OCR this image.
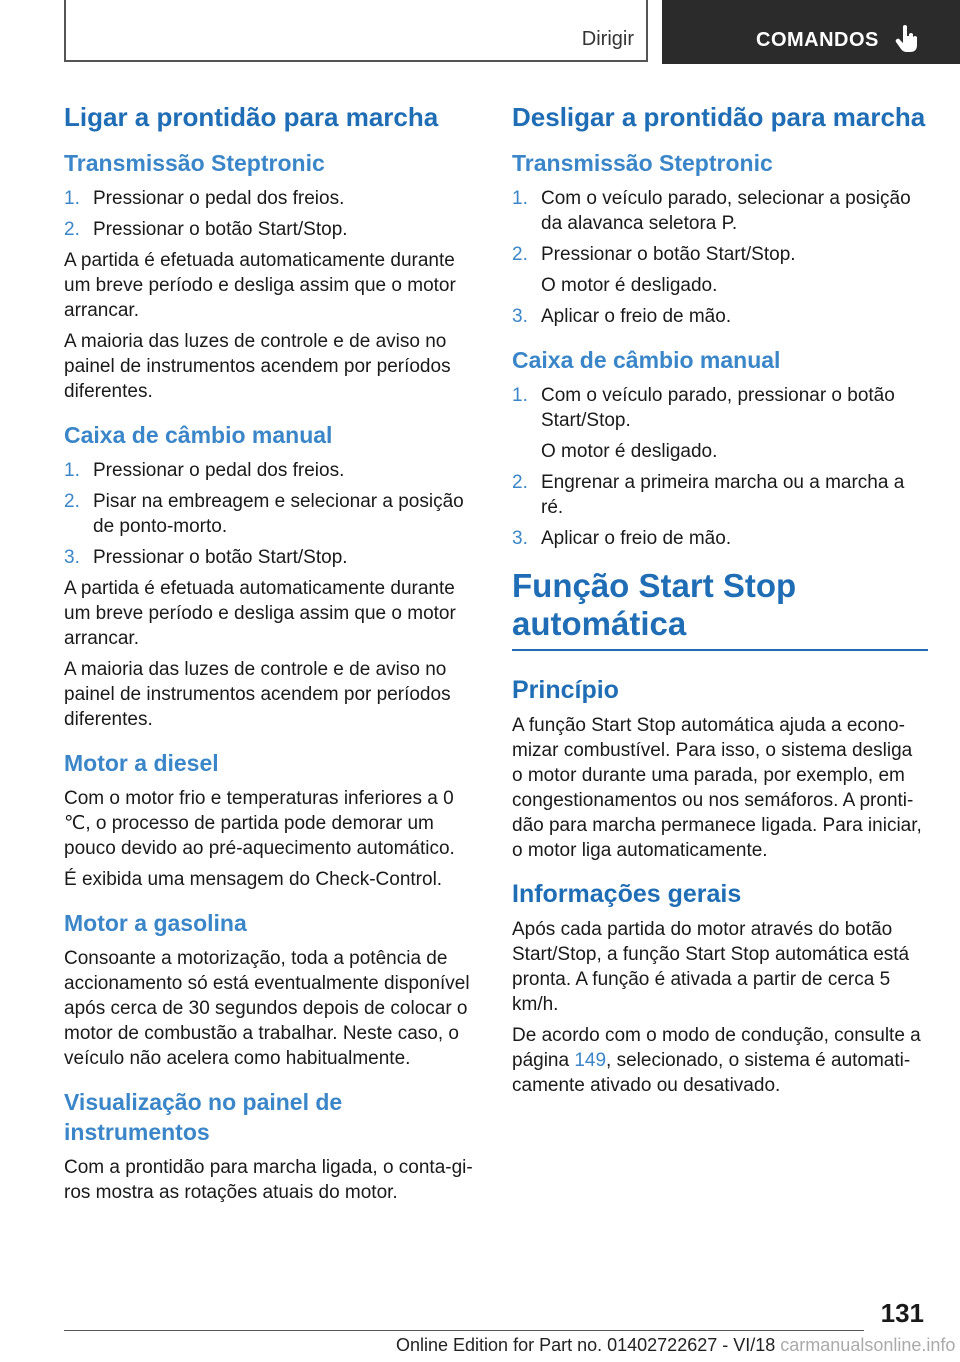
Dirigir	COMANDOS
Ligar a prontidão para marcha
Transmissão Steptronic
1. Pressionar o pedal dos freios.
2. Pressionar o botão Start/Stop.

A partida é efetuada automaticamente durante um breve período e desliga assim que o motor arrancar.

A maioria das luzes de controle e de aviso no painel de instrumentos acendem por períodos diferentes.

Caixa de câmbio manual
1. Pressionar o pedal dos freios.
2. Pisar na embreagem e selecionar a posição de ponto-morto.
3. Pressionar o botão Start/Stop.

A partida é efetuada automaticamente durante um breve período e desliga assim que o motor arrancar.

A maioria das luzes de controle e de aviso no painel de instrumentos acendem por períodos diferentes.

Motor a diesel

Com o motor frio e temperaturas inferiores a 0 ℃, o processo de partida pode demorar um pouco devido ao pré-aquecimento automático.

É exibida uma mensagem do Check-Control.

Motor a gasolina

Consoante a motorização, toda a potência de accionamento só está eventualmente disponível após cerca de 30 segundos depois de colocar o motor de combustão a trabalhar. Neste caso, o veículo não acelera como habitualmente.

Visualização no painel de instrumentos

Com a prontidão para marcha ligada, o conta-giros mostra as rotações atuais do motor.

Desligar a prontidão para marcha
Transmissão Steptronic
1. Com o veículo parado, selecionar a posição da alavanca seletora P.
2. Pressionar o botão Start/Stop.
O motor é desligado.
3. Aplicar o freio de mão.
Caixa de câmbio manual
1. Com o veículo parado, pressionar o botão Start/Stop.
O motor é desligado.
2. Engrenar a primeira marcha ou a marcha a ré.
3. Aplicar o freio de mão.
Função Start Stop automática
Princípio

A função Start Stop automática ajuda a economizar combustível. Para isso, o sistema desliga o motor durante uma parada, por exemplo, em congestionamentos ou nos semáforos. A prontidão para marcha permanece ligada. Para iniciar, o motor liga automaticamente.

Informações gerais

Após cada partida do motor através do botão Start/Stop, a função Start Stop automática está pronta. A função é ativada a partir de cerca 5 km/h.

De acordo com o modo de condução, consulte a página 149, selecionado, o sistema é automaticamente ativado ou desativado.

131
Online Edition for Part no. 01402722627 - VI/18 carmanualsonline.info
